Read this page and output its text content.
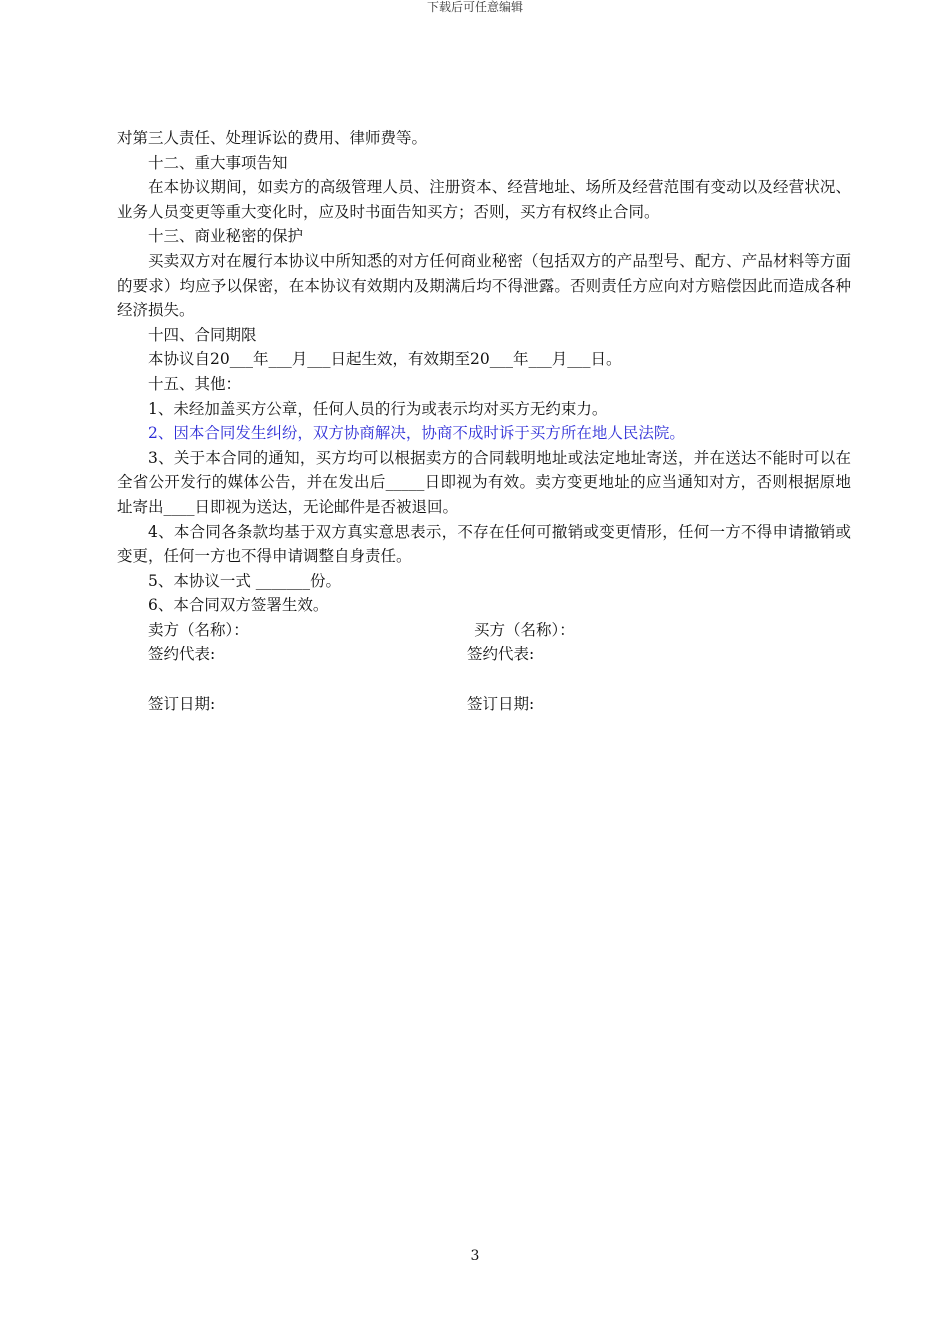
下载后可任意编辑

对第三人责任、处理诉讼的费用、律师费等。

十二、重大事项告知

在本协议期间，如卖方的高级管理人员、注册资本、经营地址、场所及经营范围有变动以及经营状况、业务人员变更等重大变化时，应及时书面告知买方；否则，买方有权终止合同。

十三、商业秘密的保护

买卖双方对在履行本协议中所知悉的对方任何商业秘密（包括双方的产品型号、配方、产品材料等方面的要求）均应予以保密，在本协议有效期内及期满后均不得泄露。否则责任方应向对方赔偿因此而造成各种经济损失。

十四、合同期限

本协议自20___年___月___日起生效，有效期至20___年___月___日。

十五、其他：

1、未经加盖买方公章，任何人员的行为或表示均对买方无约束力。

2、因本合同发生纠纷，双方协商解决，协商不成时诉于买方所在地人民法院。

3、关于本合同的通知，买方均可以根据卖方的合同载明地址或法定地址寄送，并在送达不能时可以在全省公开发行的媒体公告，并在发出后_____日即视为有效。卖方变更地址的应当通知对方，否则根据原地址寄出____日即视为送达，无论邮件是否被退回。

4、本合同各条款均基于双方真实意思表示，不存在任何可撤销或变更情形，任何一方不得申请撤销或变更，任何一方也不得申请调整自身责任。

5、本协议一式 _______份。

6、本合同双方签署生效。

卖方（名称）：	买方（名称）：
签约代表:	签约代表:
签订日期:	签订日期:
3
